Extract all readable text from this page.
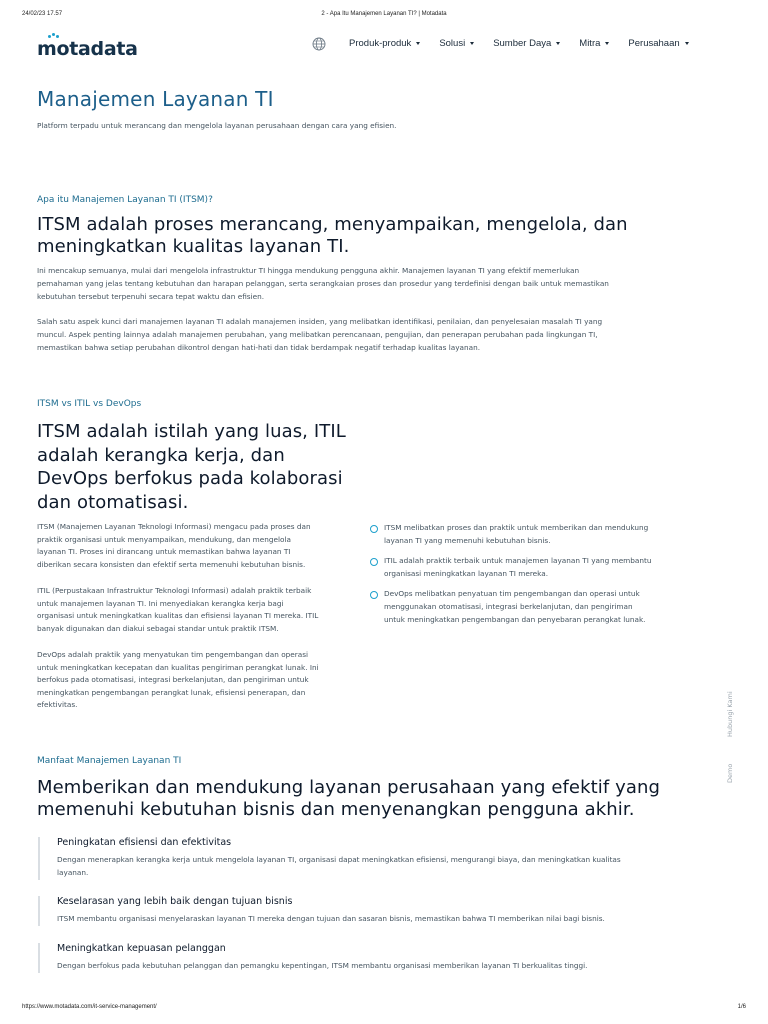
24/02/23 17.57	2 - Apa Itu Manajemen Layanan TI? | Motadata
motadata	Produk-produk	Solusi	Sumber Daya	Mitra	Perusahaan
Manajemen Layanan TI

Platform terpadu untuk merancang dan mengelola layanan perusahaan dengan cara yang efisien.

Apa itu Manajemen Layanan TI (ITSM)?
ITSM adalah proses merancang, menyampaikan, mengelola, dan
meningkatkan kualitas layanan TI.
Ini mencakup semuanya, mulai dari mengelola infrastruktur TI hingga mendukung pengguna akhir. Manajemen layanan TI yang efektif memerlukan
pemahaman yang jelas tentang kebutuhan dan harapan pelanggan, serta serangkaian proses dan prosedur yang terdefinisi dengan baik untuk memastikan
kebutuhan tersebut terpenuhi secara tepat waktu dan efisien.
Salah satu aspek kunci dari manajemen layanan TI adalah manajemen insiden, yang melibatkan identifikasi, penilaian, dan penyelesaian masalah TI yang
muncul. Aspek penting lainnya adalah manajemen perubahan, yang melibatkan perencanaan, pengujian, dan penerapan perubahan pada lingkungan TI,
memastikan bahwa setiap perubahan dikontrol dengan hati-hati dan tidak berdampak negatif terhadap kualitas layanan.
ITSM vs ITIL vs DevOps
ITSM adalah istilah yang luas, ITIL
adalah kerangka kerja, dan
DevOps berfokus pada kolaborasi
dan otomatisasi.
ITSM (Manajemen Layanan Teknologi Informasi) mengacu pada proses dan
praktik organisasi untuk menyampaikan, mendukung, dan mengelola
layanan TI. Proses ini dirancang untuk memastikan bahwa layanan TI
diberikan secara konsisten dan efektif serta memenuhi kebutuhan bisnis.
ITIL (Perpustakaan Infrastruktur Teknologi Informasi) adalah praktik terbaik
untuk manajemen layanan TI. Ini menyediakan kerangka kerja bagi
organisasi untuk meningkatkan kualitas dan efisiensi layanan TI mereka. ITIL
banyak digunakan dan diakui sebagai standar untuk praktik ITSM.
DevOps adalah praktik yang menyatukan tim pengembangan dan operasi
untuk meningkatkan kecepatan dan kualitas pengiriman perangkat lunak. Ini
berfokus pada otomatisasi, integrasi berkelanjutan, dan pengiriman untuk
meningkatkan pengembangan perangkat lunak, efisiensi penerapan, dan
efektivitas.
ITSM melibatkan proses dan praktik untuk memberikan dan mendukung
layanan TI yang memenuhi kebutuhan bisnis.
ITIL adalah praktik terbaik untuk manajemen layanan TI yang membantu
organisasi meningkatkan layanan TI mereka.
DevOps melibatkan penyatuan tim pengembangan dan operasi untuk
menggunakan otomatisasi, integrasi berkelanjutan, dan pengiriman
untuk meningkatkan pengembangan dan penyebaran perangkat lunak.
Hubungi Kami
Demo
Manfaat Manajemen Layanan TI
Memberikan dan mendukung layanan perusahaan yang efektif yang
memenuhi kebutuhan bisnis dan menyenangkan pengguna akhir.
Peningkatan efisiensi dan efektivitas
Dengan menerapkan kerangka kerja untuk mengelola layanan TI, organisasi dapat meningkatkan efisiensi, mengurangi biaya, dan meningkatkan kualitas
layanan.
Keselarasan yang lebih baik dengan tujuan bisnis
ITSM membantu organisasi menyelaraskan layanan TI mereka dengan tujuan dan sasaran bisnis, memastikan bahwa TI memberikan nilai bagi bisnis.
Meningkatkan kepuasan pelanggan
Dengan berfokus pada kebutuhan pelanggan dan pemangku kepentingan, ITSM membantu organisasi memberikan layanan TI berkualitas tinggi.
https://www.motadata.com/it-service-management/	1/6
